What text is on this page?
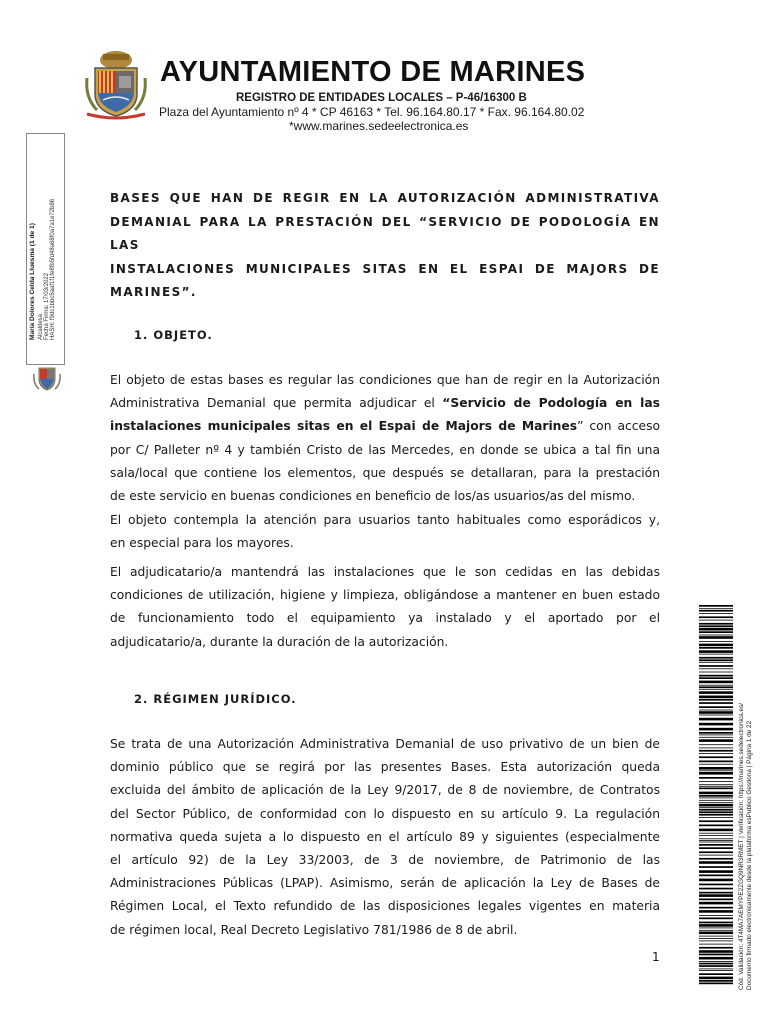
AYUNTAMIENTO DE MARINES
REGISTRO DE ENTIDADES LOCALES – P-46/16300 B
Plaza del Ayuntamiento nº 4 * CP 46163 * Tel. 96.164.80.17 * Fax. 96.164.80.02
*www.marines.sedeelectronica.es
María Dolores Celda Lluesma (1 de 1) Alcaldesa Fecha Firma: 17/03/2022 HASH: f9dc1bbc5aaf1f1fe8fb5fd48a68f0a7a1e72b86
BASES QUE HAN DE REGIR EN LA AUTORIZACIÓN ADMINISTRATIVA
DEMANIAL PARA LA PRESTACIÓN DEL “SERVICIO DE PODOLOGÍA EN LAS
INSTALACIONES MUNICIPALES SITAS EN EL ESPAI DE MAJORS DE
MARINES”.
1. OBJETO.
El objeto de estas bases es regular las condiciones que han de regir en la Autorización
Administrativa Demanial que permita adjudicar el “Servicio de Podología en las
instalaciones municipales sitas en el Espai de Majors de Marines” con acceso
por C/ Palleter nº 4 y también Cristo de las Mercedes, en donde se ubica a tal fin una
sala/local que contiene los elementos, que después se detallaran, para la prestación
de este servicio en buenas condiciones en beneficio de los/as usuarios/as del mismo.
El objeto contempla la atención para usuarios tanto habituales como esporádicos y,
en especial para los mayores.
El adjudicatario/a mantendrá las instalaciones que le son cedidas en las debidas
condiciones de utilización, higiene y limpieza, obligándose a mantener en buen estado
de funcionamiento todo el equipamiento ya instalado y el aportado por el
adjudicatario/a, durante la duración de la autorización.
2. RÉGIMEN JURÍDICO.
Se trata de una Autorización Administrativa Demanial de uso privativo de un bien de
dominio público que se regirá por las presentes Bases. Esta autorización queda
excluida del ámbito de aplicación de la Ley 9/2017, de 8 de noviembre, de Contratos
del Sector Público, de conformidad con lo dispuesto en su artículo 9. La regulación
normativa queda sujeta a lo dispuesto en el artículo 89 y siguientes (especialmente
el artículo 92) de la Ley 33/2003, de 3 de noviembre, de Patrimonio de las
Administraciones Públicas (LPAP). Asimismo, serán de aplicación la Ley de Bases de
Régimen Local, el Texto refundido de las disposiciones legales vigentes en materia
de régimen local, Real Decreto Legislativo 781/1986 de 8 de abril.
1	Cód. Validación: 4T4MA7AEMYPE2ZGQ9NR3RMET | Verificación: https://marines.sedelectronica.es/ Documento firmado electrónicamente desde la plataforma esPublico Gestiona | Página 1 de 22
